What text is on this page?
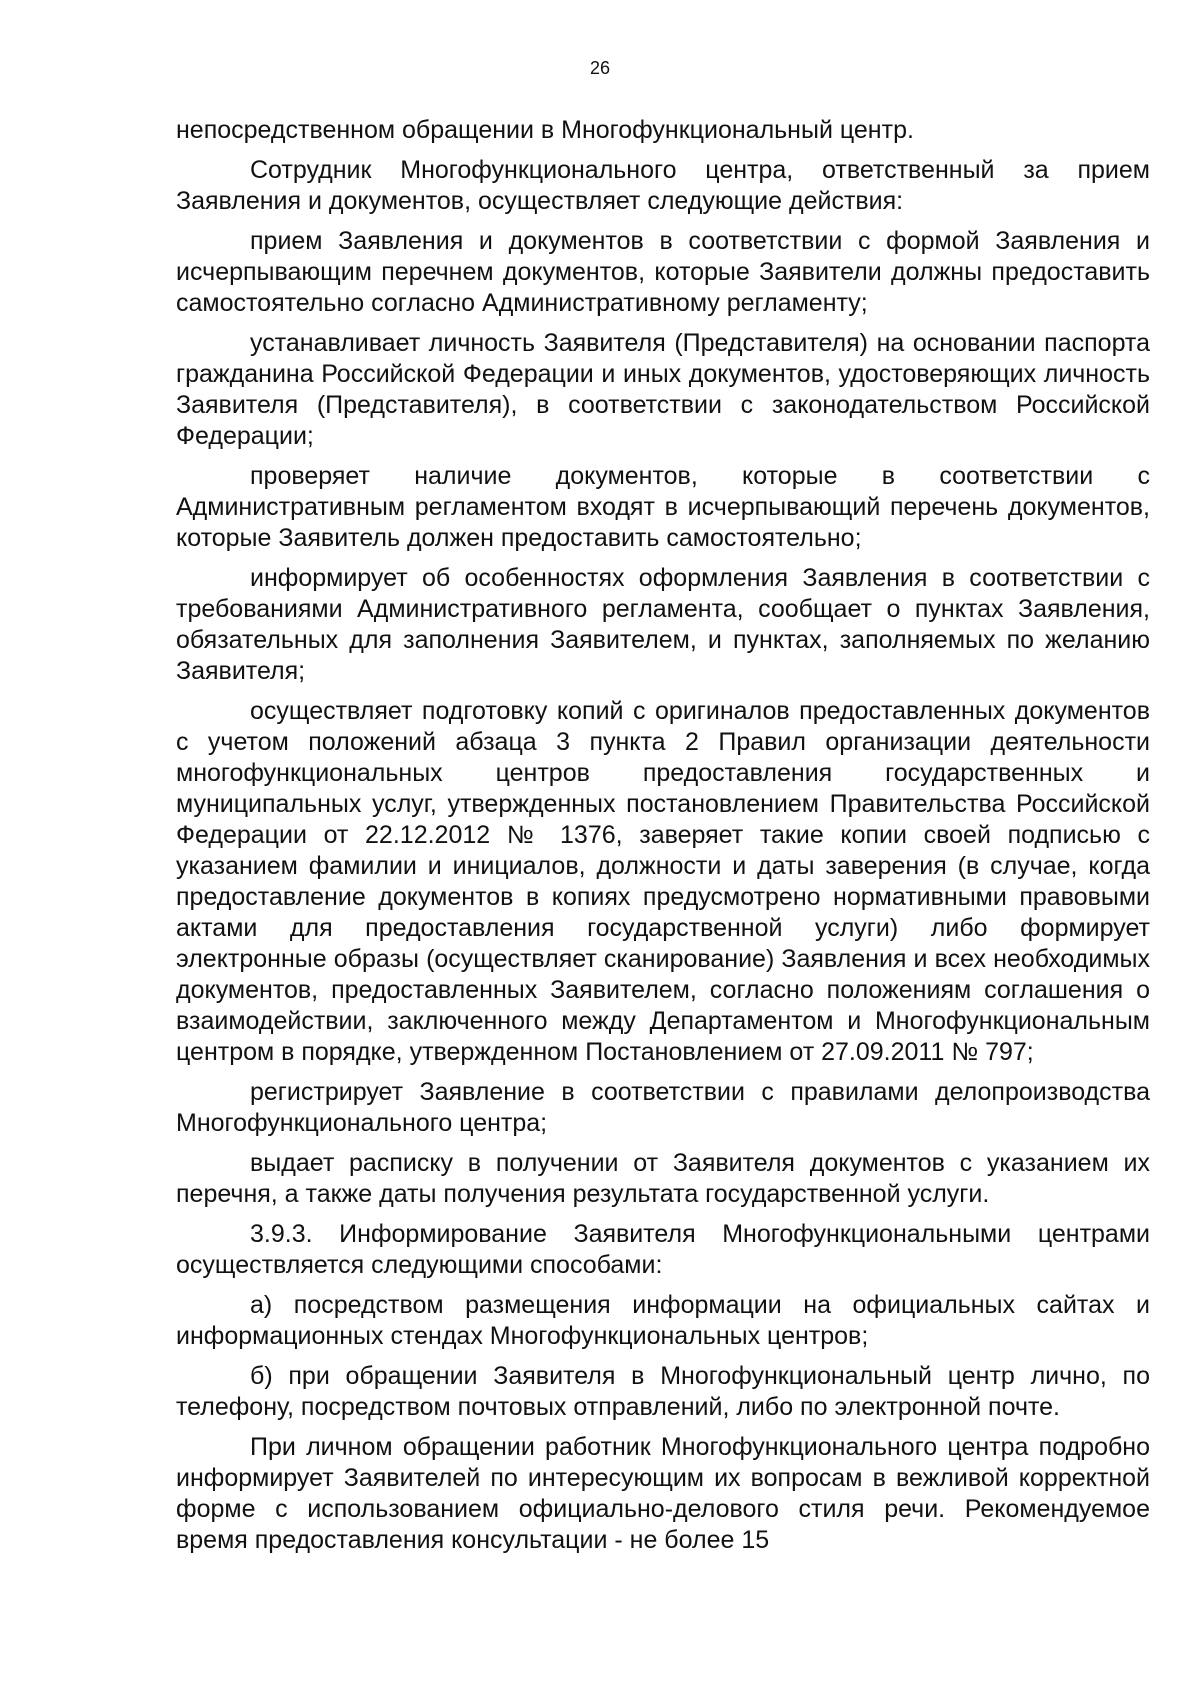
26

непосредственном обращении в Многофункциональный центр.

Сотрудник Многофункционального центра, ответственный за прием Заявления и документов, осуществляет следующие действия:

прием Заявления и документов в соответствии с формой Заявления и исчерпывающим перечнем документов, которые Заявители должны предоставить самостоятельно согласно Административному регламенту;

устанавливает личность Заявителя (Представителя) на основании паспорта гражданина Российской Федерации и иных документов, удостоверяющих личность Заявителя (Представителя), в соответствии с законодательством Российской Федерации;

проверяет наличие документов, которые в соответствии с Административным регламентом входят в исчерпывающий перечень документов, которые Заявитель должен предоставить самостоятельно;

информирует об особенностях оформления Заявления в соответствии с требованиями Административного регламента, сообщает о пунктах Заявления, обязательных для заполнения Заявителем, и пунктах, заполняемых по желанию Заявителя;

осуществляет подготовку копий с оригиналов предоставленных документов с учетом положений абзаца 3 пункта 2 Правил организации деятельности многофункциональных центров предоставления государственных и муниципальных услуг, утвержденных постановлением Правительства Российской Федерации от 22.12.2012 № 1376, заверяет такие копии своей подписью с указанием фамилии и инициалов, должности и даты заверения (в случае, когда предоставление документов в копиях предусмотрено нормативными правовыми актами для предоставления государственной услуги) либо формирует электронные образы (осуществляет сканирование) Заявления и всех необходимых документов, предоставленных Заявителем, согласно положениям соглашения о взаимодействии, заключенного между Департаментом и Многофункциональным центром в порядке, утвержденном Постановлением от 27.09.2011 № 797;

регистрирует Заявление в соответствии с правилами делопроизводства Многофункционального центра;

выдает расписку в получении от Заявителя документов с указанием их перечня, а также даты получения результата государственной услуги.

3.9.3. Информирование Заявителя Многофункциональными центрами осуществляется следующими способами:

а) посредством размещения информации на официальных сайтах и информационных стендах Многофункциональных центров;

б) при обращении Заявителя в Многофункциональный центр лично, по телефону, посредством почтовых отправлений, либо по электронной почте.

При личном обращении работник Многофункционального центра подробно информирует Заявителей по интересующим их вопросам в вежливой корректной форме с использованием официально-делового стиля речи. Рекомендуемое время предоставления консультации - не более 15
